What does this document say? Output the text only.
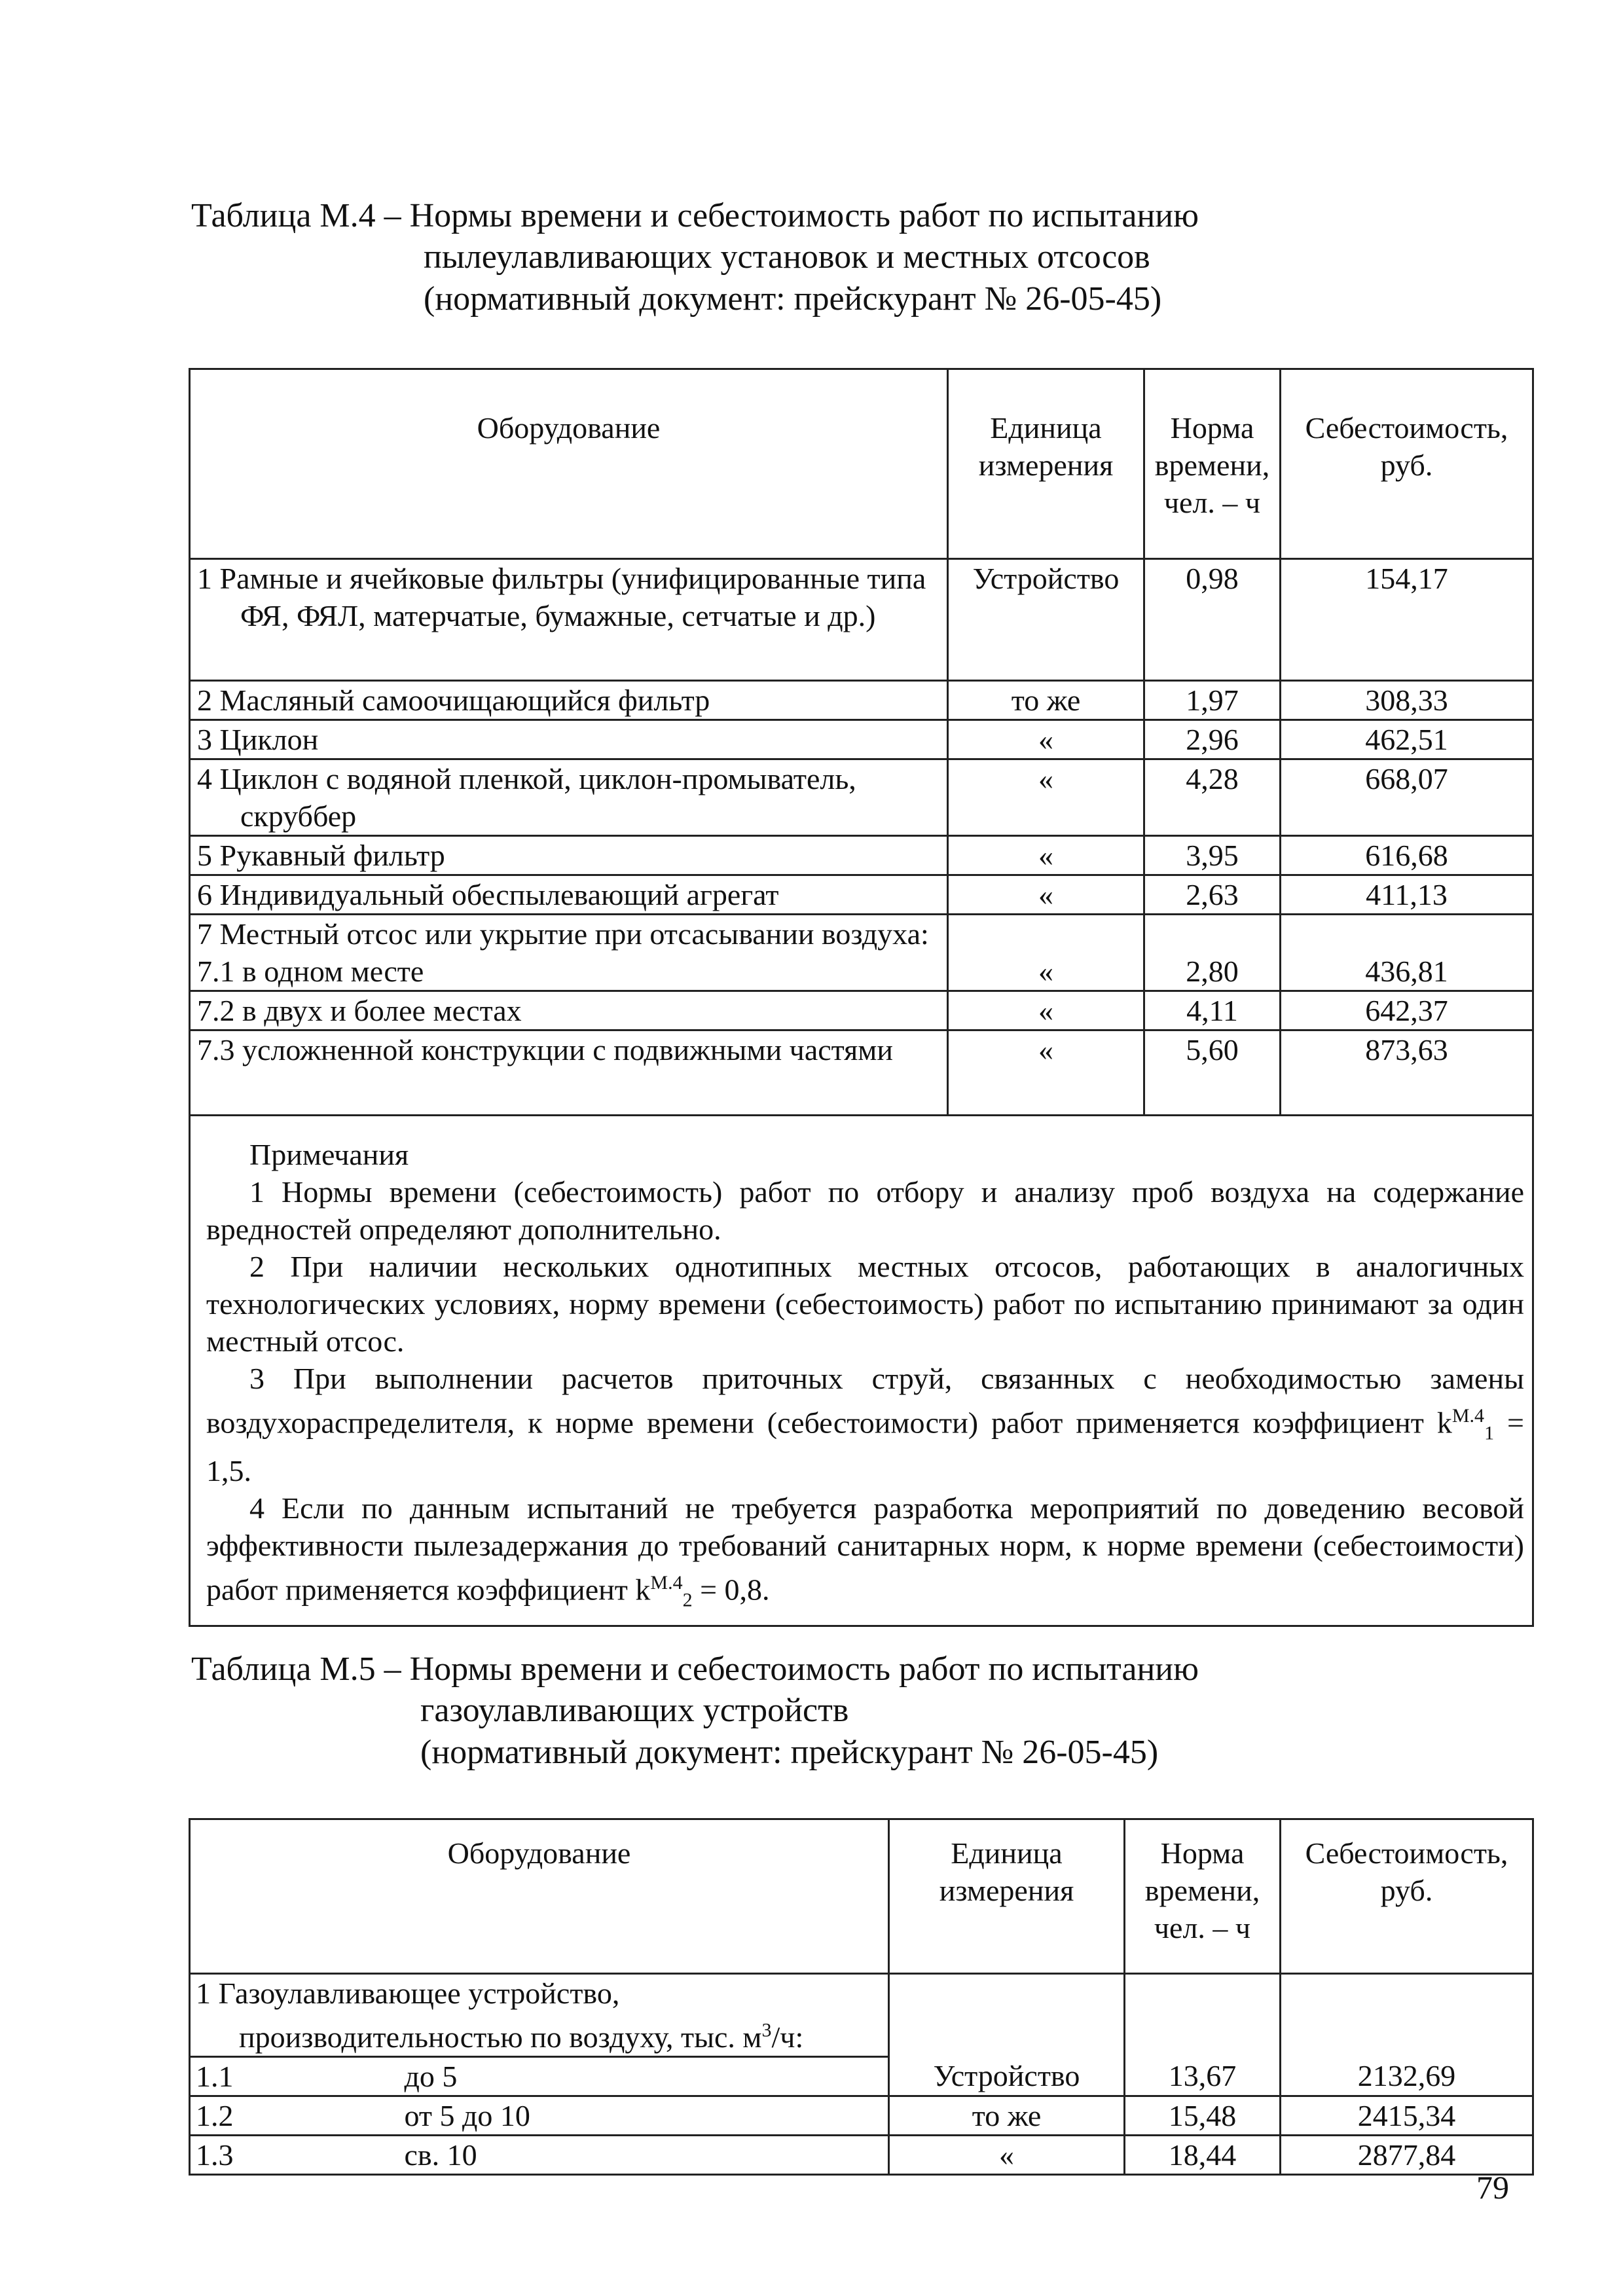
Таблица М.4 – Нормы времени и себестоимость работ по испытанию
пылеулавливающих установок и местных отсосов
(нормативный документ: прейскурант № 26-05-45)
Оборудование	Единица измерения	Норма времени, чел. – ч	Себестоимость, руб.
1 Рамные и ячейковые фильтры (унифицированные типа ФЯ, ФЯЛ, матерчатые, бумажные, сетчатые и др.)	Устройство	0,98	154,17
2 Масляный самоочищающийся фильтр	то же	1,97	308,33
3 Циклон	«	2,96	462,51
4 Циклон с водяной пленкой, циклон-промыватель, скруббер	«	4,28	668,07
5 Рукавный фильтр	«	3,95	616,68
6 Индивидуальный обеспылевающий агрегат	«	2,63	411,13
7 Местный отсос или укрытие при отсасывании воздуха:			
7.1 в одном месте	«	2,80	436,81
7.2 в двух и более местах	«	4,11	642,37
7.3 усложненной конструкции с подвижными частями	«	5,60	873,63

Примечания

1 Нормы времени (себестоимость) работ по отбору и анализу проб воздуха на содержание вредностей определяют дополнительно.

2 При наличии нескольких однотипных местных отсосов, работающих в аналогичных технологических условиях, норму времени (себестоимость) работ по испытанию принимают за один местный отсос.

3 При выполнении расчетов приточных струй, связанных с необходимостью замены воздухораспределителя, к норме времени (себестоимости) работ применяется коэффициент $k^{М.4}_1 = 1,5$.

4 Если по данным испытаний не требуется разработка мероприятий по доведению весовой эффективности пылезадержания до требований санитарных норм, к норме времени (себестоимости) работ применяется коэффициент $k^{М.4}_2 = 0,8$.			

Таблица М.5 – Нормы времени и себестоимость работ по испытанию
газоулавливающих устройств
(нормативный документ: прейскурант № 26-05-45)
Оборудование		Единица измерения	Норма времени, чел. – ч	Себестоимость, руб.
1 Газоулавливающее устройство,
производительностью по воздуху, тыс. $м^3/ч$:				
1.1	до 5	Устройство	13,67	2132,69
1.2	от 5 до 10	то же	15,48	2415,34
1.3	св. 10	«	18,44	2877,84
79
